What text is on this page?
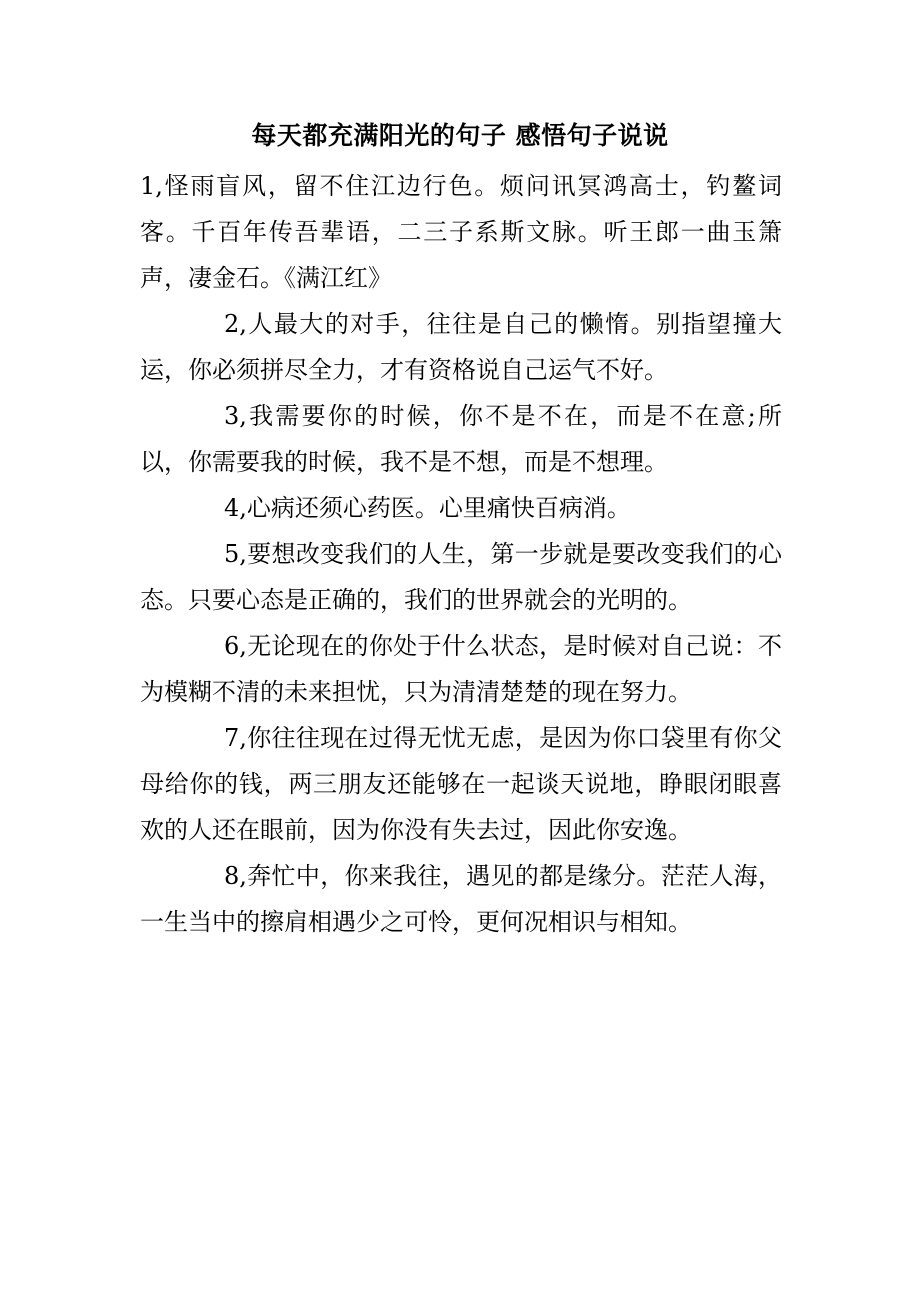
每天都充满阳光的句子 感悟句子说说

1,怪雨盲风，留不住江边行色。烦问讯冥鸿高士，钓鳌词客。千百年传吾辈语，二三子系斯文脉。听王郎一曲玉箫声，凄金石。《满江红》

2,人最大的对手，往往是自己的懒惰。别指望撞大运，你必须拼尽全力，才有资格说自己运气不好。

3,我需要你的时候，你不是不在，而是不在意;所以，你需要我的时候，我不是不想，而是不想理。

4,心病还须心药医。心里痛快百病消。

5,要想改变我们的人生，第一步就是要改变我们的心态。只要心态是正确的，我们的世界就会的光明的。

6,无论现在的你处于什么状态，是时候对自己说：不为模糊不清的未来担忧，只为清清楚楚的现在努力。

7,你往往现在过得无忧无虑，是因为你口袋里有你父母给你的钱，两三朋友还能够在一起谈天说地，睁眼闭眼喜欢的人还在眼前，因为你没有失去过，因此你安逸。

8,奔忙中，你来我往，遇见的都是缘分。茫茫人海，一生当中的擦肩相遇少之可怜，更何况相识与相知。
